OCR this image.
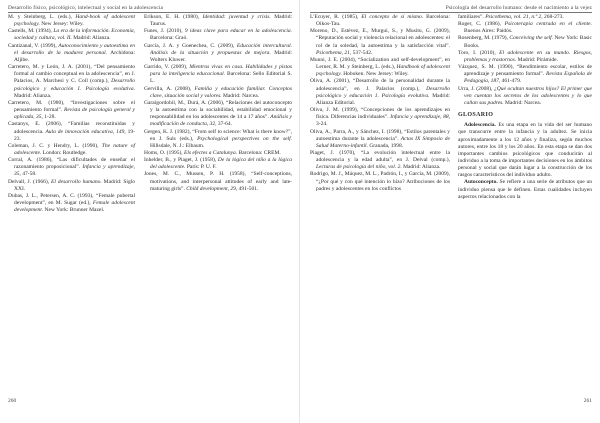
Desarrollo físico, psicológico, intelectual y social en la adolescencia

M. y Steinberg, L. (eds.), Hand-book of adolescent psychology. New Jersey: Wiley.

Castells, M. (1994), La era de la información. Economía, sociedad y cultura, vol. II. Madrid: Alianza.

Cantizanal, V. (1999), Autoconocimiento y autoestima en el desarrollo de la madurez personal. Archidona: Aljibe.

Carretero, M. y León, J. A. (2001), “Del pensamiento formal al cambio conceptual en la adolescencia”, en J. Palacios, A. Marchesi y C. Coll (comp.), Desarrollo psicológico y educación I. Psicología evolutiva. Madrid: Alianza.

Carretero, M. (1980), “Investigaciones sobre el pensamiento formal”. Revista de psicología general y aplicada, 35, 1-28.

Castanys, E. (2006), “Familias reconstituidas y adolescencia. Aula de innovación educativa, 149, 19-23.

Coleman, J. C. y Hendry, L. (1990), The nature of adolescente. London: Routledge.

Corral, A. (1986), “Las dificultades de enseñar el razonamiento proposicional”. Infancia y aprendizaje, 35, 47-58.

Delvall, J. (1966), El desarrollo humano. Madrid: Siglo XXI.

Dubas, J. L., Petersen, A. C. (1993), “Female pubertal development”, en M. Sugar (ed.), Female adolescent development. New York: Brunner Mazel.

Erikson, E. H. (1980), Identidad: juventud y crisis. Madrid: Taurus.

Funes, J. (2010), 9 ideas clave para educar en la adolescencia. Barcelona: Graó.

García, J. A. y Goenechea, C. (2009), Educación intercultural. Análisis de la situación y propuestas de mejora. Madrid: Wolters Kluwer.

Garrido, V. (2009), Mientras vivas en casa. Habilidades y pistas para la inteligencia educacional. Barcelona: Sello Editorial S. L.

Gervilla, A. (2008), Familia y educación familiar. Conceptos clave, situación social y valores. Madrid: Narcea.

Garaigordobil, M., Durá, A. (2006), “Relaciones del autoconcepto y la autoestima con la sociabilidad, estabilidad emocional y responsabilidad en los adolescentes de 14 a 17 años”. Análisis y modificación de conducta, 32, 37-64.

Gergen, K. J. (1982), “From self to science: What is there know?”, en J. Suls (eds.), Psychological perspectives on the self. Hillsdale, N. J.: Elbaum.

Homs, O. (1995), Els efectes a Catalunya. Barcelona: CREM.

Inhelder, B., y Piaget, J. (1958), De la lógica del niño a la lógica del adolescente. París: P. U. F.

Jones, M. C., Mussen, P. H. (1958), “Self-conceptions, motivations, and interpersonal attitudes of early and late-maturing girls”. Child development, 29, 491-501.

260
Psicología del desarrollo humano: desde el nacimiento a la vejez

L'Ecuyer, R. (1985), El concepto de sí mismo. Barcelona: Oikos-Tau.

Moreno, D., Estévez, E., Murgui, S., y Musitu, G. (2009), “Reputación social y violencia relacional en adolescentes: el rol de la soledad, la autoestima y la satisfacción vital”. Psicothema, 21, 537-542.

Munni, J. E. (2004), “Socialization and self-development”, en Lerner, R. M. y Steinberg, L. (eds.), Handbook of adolescent psychology. Hoboken. New Jersey: Wiley.

Oliva, A. (2001), “Desarrollo de la personalidad durante la adolescencia”, en J. Palacios (comp.), Desarrollo psicológico y educación 1. Psicología evolutiva. Madrid: Alianza Editorial.

Oliva, J. M. (1999), “Concepciones de los aprendizajes en física. Diferencias individuales”. Infancia y aprendizaje, 88, 3-24.

Oliva, A., Parra, A., y Sánchez, I. (1998), “Estilos parentales y autoestima durante la adolescencia”. Actas IX Simposio de Salud Materno-infantil. Granada, 1998.

Piaget, J. (1970), “La evolución intelectual entre la adolescencia y la edad adulta”, en J. Delval (comp.), Lecturas de psicología del niño, vol. 2. Madrid: Alianza.

Rodrigo, M. J., Máquez, M. L., Padrón, I., y García, M. (2009), “¿Por qué y con qué intención lo hizo? Atribuciones de los padres y adolescentes en los conflictos

familiares”. Psicothema, vol. 21, n.º 2, 268-273.

Roger, C. (1986), Psicoterapia centrada en el cliente. Buenos Aires: Paidós.

Rosenberg, M. (1979), Conceiving the self. New York: Basic Books.

Toro, I. (2010), El adolescente en su mundo. Riesgos, problemas y trastornos. Madrid: Pirámide.

Vázquez, S. M. (1990), “Rendimiento escolar, estilos de aprendizaje y pensamiento formal”. Revista Española de Pedagogía, 187, 461-479.

Urra, J. (2008), ¿Qué ocultan nuestros hijos? El primer que ven cuentan los secretos de los adolescentes y lo que callan sus padres. Madrid: Narcea.

GLOSARIO

Adolescencia. Es una etapa en la vida del ser humano que transcurre entre la infancia y la adultez. Se inicia aproximadamente a los 12 años y finaliza, según muchos autores, entre los 18 y los 20 años. En esta etapa se dan dos importantes cambios psicológicos que conducirán al individuo a la toma de importantes decisiones en los ámbitos personal y social que darán lugar a la construcción de los rasgos característicos del individuo adulto.

Autoconcepto. Se refiere a una serie de atributos que un individuo piensa que le definen. Estas cualidades incluyen aspectos relacionados con la

261
